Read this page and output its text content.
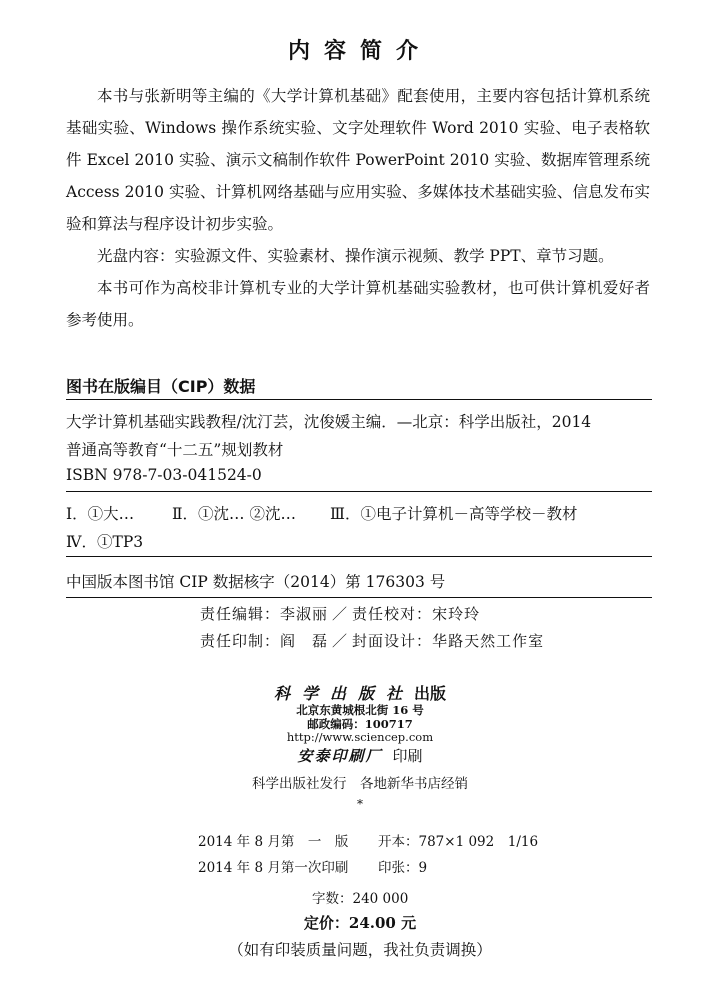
内容简介

本书与张新明等主编的《大学计算机基础》配套使用，主要内容包括计算机系统基础实验、Windows 操作系统实验、文字处理软件 Word 2010 实验、电子表格软件 Excel 2010 实验、演示文稿制作软件 PowerPoint 2010 实验、数据库管理系统 Access 2010 实验、计算机网络基础与应用实验、多媒体技术基础实验、信息发布实验和算法与程序设计初步实验。

光盘内容：实验源文件、实验素材、操作演示视频、教学 PPT、章节习题。

本书可作为高校非计算机专业的大学计算机基础实验教材，也可供计算机爱好者参考使用。

图书在版编目（CIP）数据
大学计算机基础实践教程/沈汀芸，沈俊媛主编．—北京：科学出版社，2014
普通高等教育“十二五”规划教材
ISBN 978-7-03-041524-0
Ⅰ．①大… Ⅱ．①沈… ②沈… Ⅲ．①电子计算机－高等学校－教材
Ⅳ．①TP3
中国版本图书馆 CIP 数据核字（2014）第 176303 号
责任编辑：李淑丽 ／ 责任校对：宋玲玲
责任印制：阎　磊 ／ 封面设计：华路天然工作室
科学出版社出版
北京东黄城根北街 16 号
邮政编码：100717
http://www.sciencep.com
安泰印刷厂 印刷
科学出版社发行　各地新华书店经销
*
2014 年 8 月第　一　版 开本：787×1 092　1/16
2014 年 8 月第一次印刷 印张：9
字数：240 000
定价：24.00 元
（如有印装质量问题，我社负责调换）
